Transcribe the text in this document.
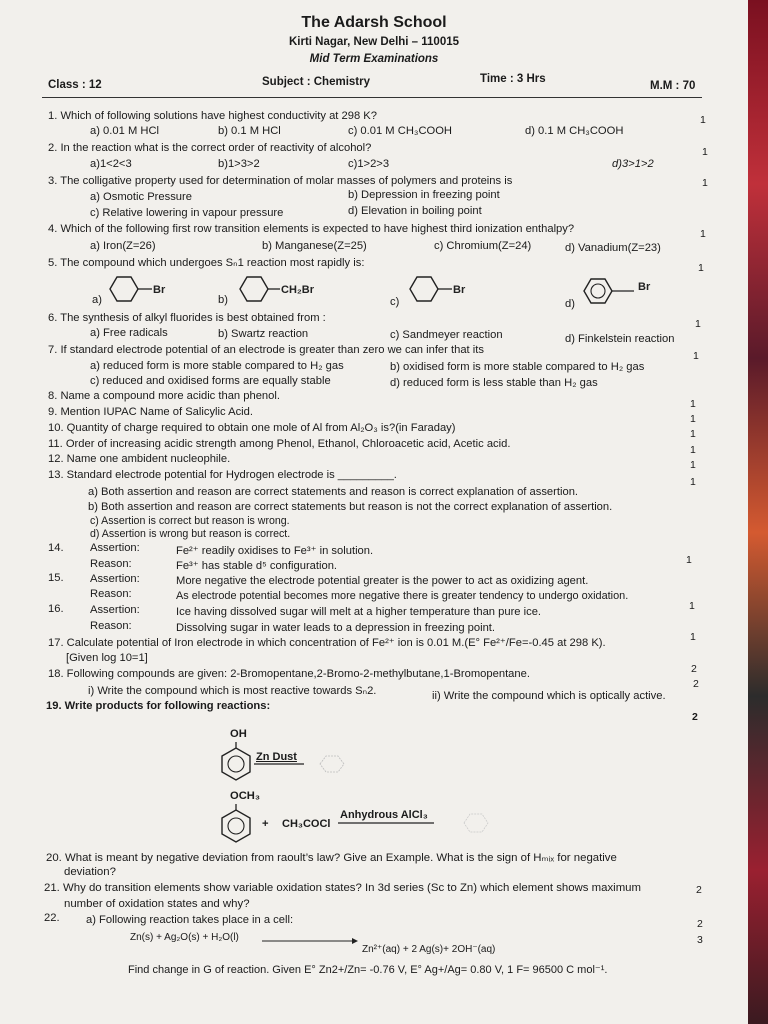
The Adarsh School
Kirti Nagar, New Delhi – 110015
Mid Term Examinations
Class : 12	Subject : Chemistry	Time : 3 Hrs
M.M : 70
1. Which of following solutions have highest conductivity at 298 K?
a) 0.01 M HCl	b) 0.1 M HCl	c) 0.01 M CH₃COOH	d) 0.1 M CH₃COOH
1
2. In the reaction what is the correct order of reactivity of alcohol?
a)1<2<3	b)1>3>2	c)1>2>3	d)3>1>2
1
3. The colligative property used for determination of molar masses of polymers and proteins is
a) Osmotic Pressure	b) Depression in freezing point
c) Relative lowering in vapour pressure	d) Elevation in boiling point
1
4. Which of the following first row transition elements is expected to have highest third ionization enthalpy?
a) Iron(Z=26)	b) Manganese(Z=25)	c) Chromium(Z=24)	d) Vanadium(Z=23)
1
5. The compound which undergoes Sₙ1 reaction most rapidly is:	1
a)
Br
b)
CH₂Br
c)
Br
d)
Br
6. The synthesis of alkyl fluorides is best obtained from :
a) Free radicals	b) Swartz reaction	c) Sandmeyer reaction	d) Finkelstein reaction
1
7. If standard electrode potential of an electrode is greater than zero we can infer that its
a) reduced form is more stable compared to H₂ gas	b) oxidised form is more stable compared to H₂ gas
c) reduced and oxidised forms are equally stable	d) reduced form is less stable than H₂ gas
1
8. Name a compound more acidic than phenol.
1
9. Mention IUPAC Name of Salicylic Acid.
1
10. Quantity of charge required to obtain one mole of Al from Al₂O₃ is?(in Faraday)	1
11. Order of increasing acidic strength among Phenol, Ethanol, Chloroacetic acid, Acetic acid.	1
12. Name one ambident nucleophile.	1
13. Standard electrode potential for Hydrogen electrode is _________.
1
a) Both assertion and reason are correct statements and reason is correct explanation of assertion.
b) Both assertion and reason are correct statements but reason is not the correct explanation of assertion.
c) Assertion is correct but reason is wrong.
d) Assertion is wrong but reason is correct.
14. Assertion:	Fe²⁺ readily oxidises to Fe³⁺ in solution.
Reason:	Fe³⁺ has stable d⁵ configuration.	1
15. Assertion:	More negative the electrode potential greater is the power to act as oxidizing agent.
Reason:	As electrode potential becomes more negative there is greater tendency to undergo oxidation.
1
16. Assertion:	Ice having dissolved sugar will melt at a higher temperature than pure ice.
Reason:	Dissolving sugar in water leads to a depression in freezing point.
1
17. Calculate potential of Iron electrode in which concentration of Fe²⁺ ion is 0.01 M.(E° Fe²⁺/Fe=-0.45 at 298 K).
[Given log 10=1]
18. Following compounds are given: 2-Bromopentane,2-Bromo-2-methylbutane,1-Bromopentane.
i) Write the compound which is most reactive towards Sₙ2.	ii) Write the compound which is optically active.
2
2
19. Write products for following reactions:
2
OH
Zn Dust
OCH₃
+ CH₃COCl
Anhydrous AlCl₃
20. What is meant by negative deviation from raoult’s law? Give an Example. What is the sign of Hₘᵢₓ for negative
deviation?
21. Why do transition elements show variable oxidation states? In 3d series (Sc to Zn) which element shows maximum
number of oxidation states and why?
2
22. a) Following reaction takes place in a cell:	2
3
Zn(s) + Ag₂O(s) + H₂O(l)
Zn²⁺(aq) + 2 Ag(s)+ 2OH⁻(aq)
Find change in G of reaction. Given E° Zn2+/Zn= -0.76 V, E° Ag+/Ag= 0.80 V, 1 F= 96500 C mol⁻¹.
